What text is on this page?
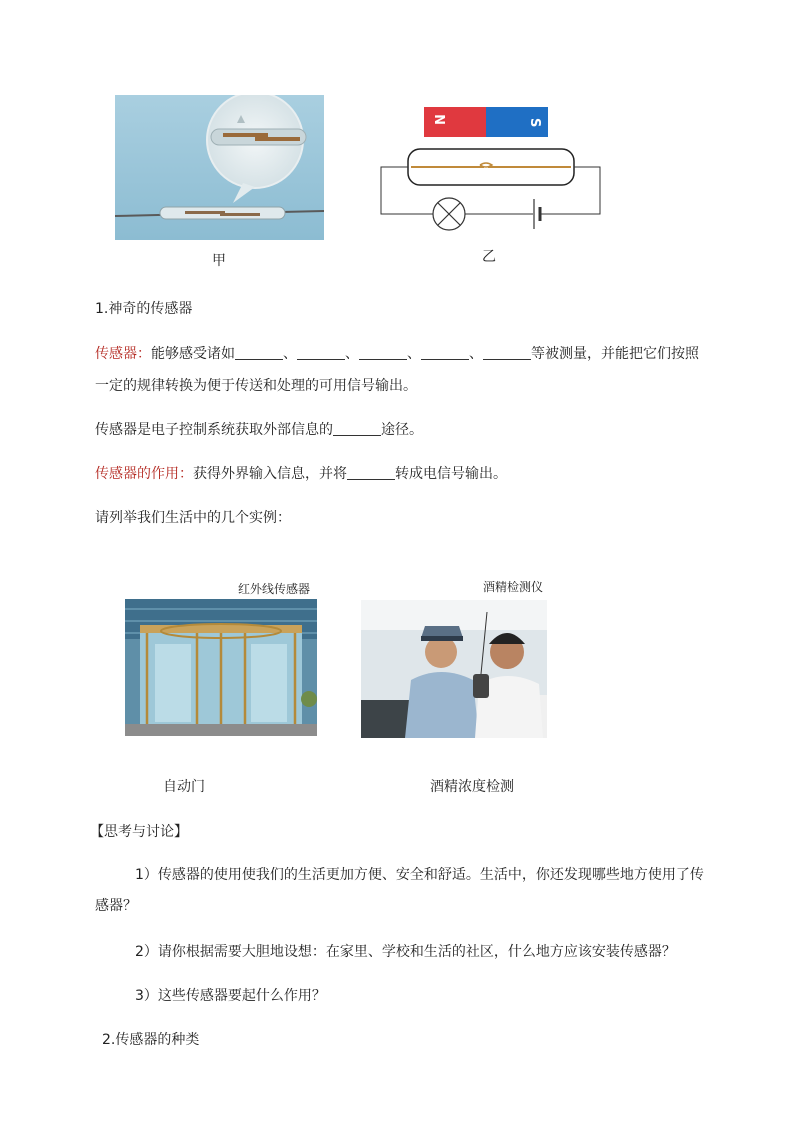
甲
N	S
乙
1.神奇的传感器
传感器：能够感受诸如	、	、	、	、	等被测量，并能把它们按照
一定的规律转换为便于传送和处理的可用信号输出。
传感器是电子控制系统获取外部信息的	途径。
传感器的作用：获得外界输入信息，并将	转成电信号输出。
请列举我们生活中的几个实例：
红外线传感器
自动门
酒精检测仪
酒精浓度检测
【思考与讨论】
1）传感器的使用使我们的生活更加方便、安全和舒适。生活中，你还发现哪些地方使用了传
感器？
2）请你根据需要大胆地设想：在家里、学校和生活的社区，什么地方应该安装传感器？
3）这些传感器要起什么作用？
2.传感器的种类
